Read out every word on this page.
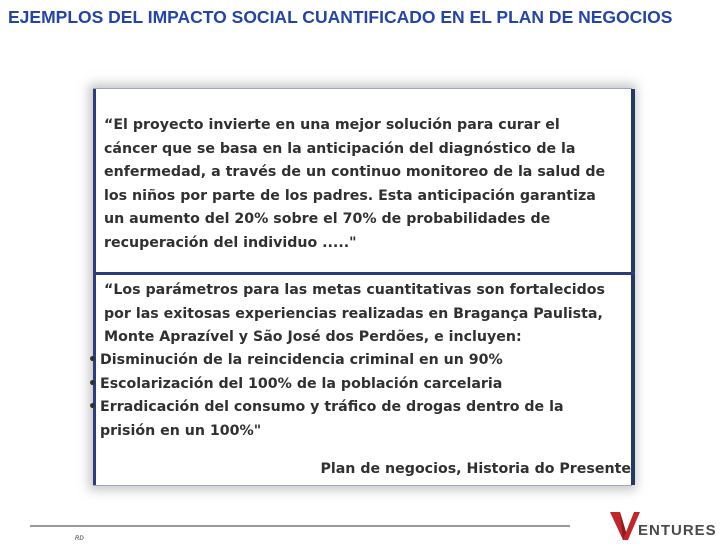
EJEMPLOS DEL IMPACTO SOCIAL CUANTIFICADO EN EL PLAN DE NEGOCIOS
“El proyecto invierte en una mejor solución para curar el
cáncer que se basa en la anticipación del diagnóstico de la
enfermedad, a través de un continuo monitoreo de la salud de
los niños por parte de los padres. Esta anticipación garantiza
un aumento del 20% sobre el 70% de probabilidades de
recuperación del individuo ....."
“Los parámetros para las metas cuantitativas son fortalecidos
por las exitosas experiencias realizadas en Bragança Paulista,
Monte Aprazível y São José dos Perdões, e incluyen:
• Disminución de la reincidencia criminal en un 90%
• Escolarización del 100% de la población carcelaria
• Erradicación del consumo y tráfico de drogas dentro de la
prisión en un 100%"
Plan de negocios, Historia do Presente
RD	ENTURES
